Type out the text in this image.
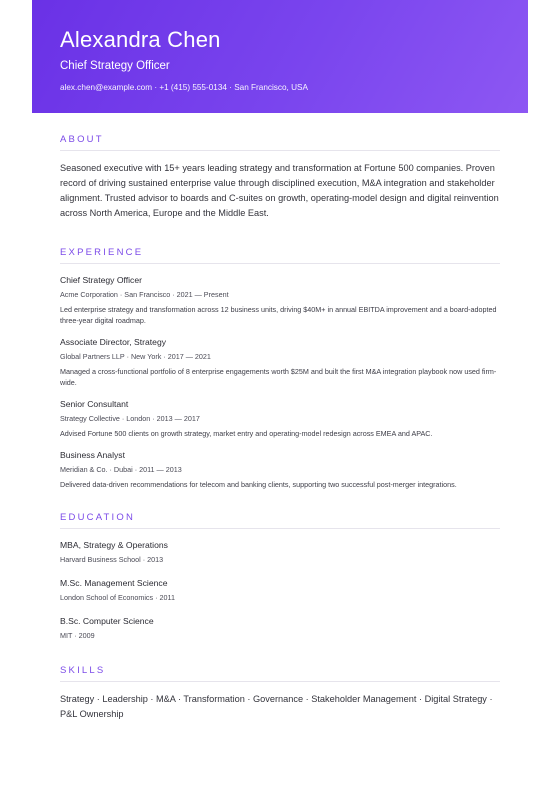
Alexandra Chen
Chief Strategy Officer
alex.chen@example.com · +1 (415) 555-0134 · San Francisco, USA
ABOUT

Seasoned executive with 15+ years leading strategy and transformation at Fortune 500 companies. Proven record of driving sustained enterprise value through disciplined execution, M&A integration and stakeholder alignment. Trusted advisor to boards and C-suites on growth, operating-model design and digital reinvention across North America, Europe and the Middle East.

EXPERIENCE
Chief Strategy Officer
Acme Corporation · San Francisco · 2021 — Present
Led enterprise strategy and transformation across 12 business units, driving $40M+ in annual EBITDA improvement and a board-adopted three-year digital roadmap.
Associate Director, Strategy
Global Partners LLP · New York · 2017 — 2021
Managed a cross-functional portfolio of 8 enterprise engagements worth $25M and built the first M&A integration playbook now used firm-wide.
Senior Consultant
Strategy Collective · London · 2013 — 2017
Advised Fortune 500 clients on growth strategy, market entry and operating-model redesign across EMEA and APAC.
Business Analyst
Meridian & Co. · Dubai · 2011 — 2013
Delivered data-driven recommendations for telecom and banking clients, supporting two successful post-merger integrations.
EDUCATION
MBA, Strategy & Operations
Harvard Business School · 2013
M.Sc. Management Science
London School of Economics · 2011
B.Sc. Computer Science
MIT · 2009
SKILLS
Strategy · Leadership · M&A · Transformation · Governance · Stakeholder Management · Digital Strategy · P&L Ownership
